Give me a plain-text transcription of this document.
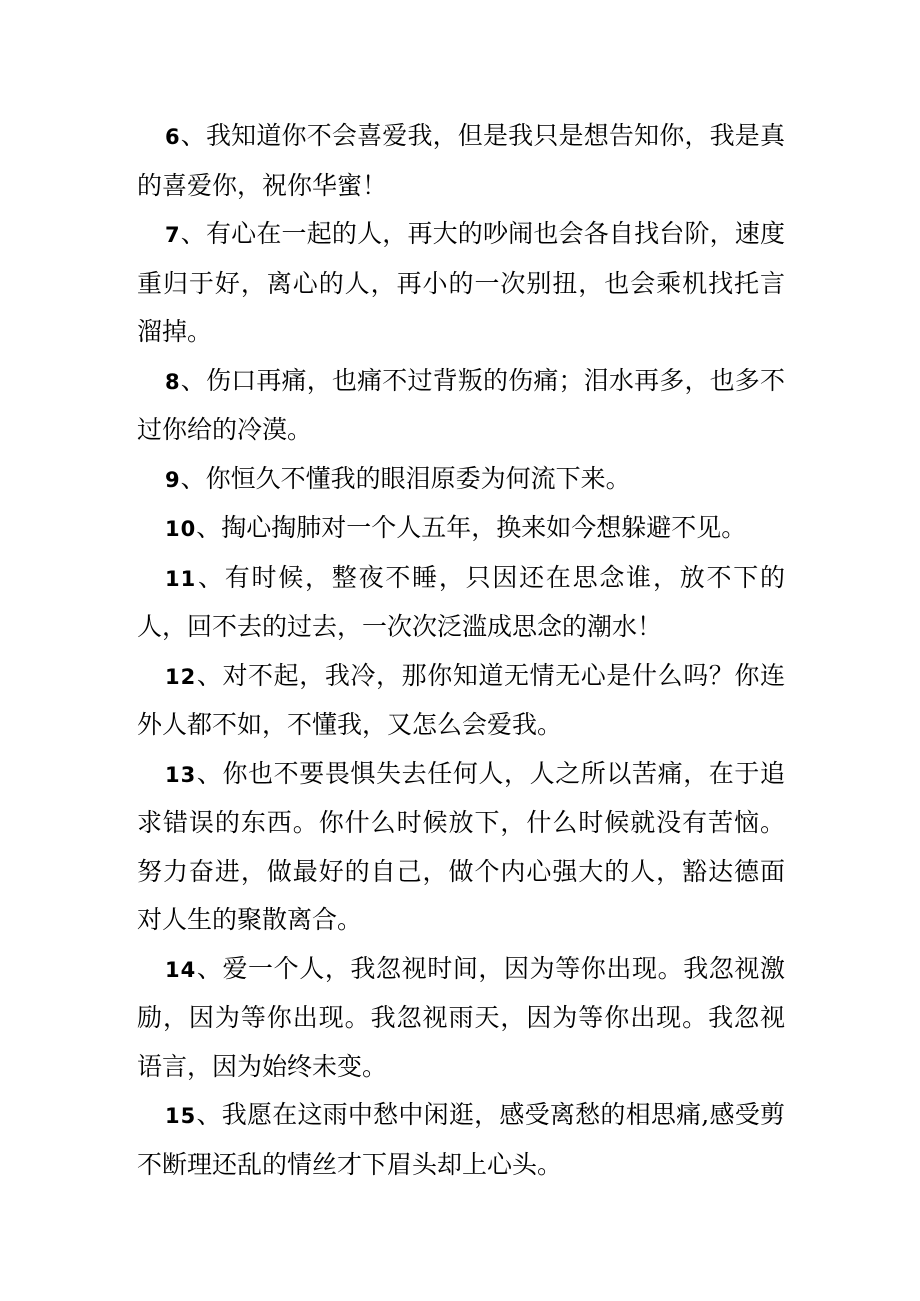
6、我知道你不会喜爱我，但是我只是想告知你，我是真的喜爱你，祝你华蜜！

7、有心在一起的人，再大的吵闹也会各自找台阶，速度重归于好，离心的人，再小的一次别扭，也会乘机找托言溜掉。

8、伤口再痛，也痛不过背叛的伤痛；泪水再多，也多不过你给的冷漠。

9、你恒久不懂我的眼泪原委为何流下来。

10、掏心掏肺对一个人五年，换来如今想躲避不见。

11、有时候，整夜不睡，只因还在思念谁，放不下的人，回不去的过去，一次次泛滥成思念的潮水！

12、对不起，我冷，那你知道无情无心是什么吗？你连外人都不如，不懂我，又怎么会爱我。

13、你也不要畏惧失去任何人，人之所以苦痛，在于追求错误的东西。你什么时候放下，什么时候就没有苦恼。努力奋进，做最好的自己，做个内心强大的人，豁达德面对人生的聚散离合。

14、爱一个人，我忽视时间，因为等你出现。我忽视激励，因为等你出现。我忽视雨天，因为等你出现。我忽视语言，因为始终未变。

15、我愿在这雨中愁中闲逛，感受离愁的相思痛,感受剪不断理还乱的情丝才下眉头却上心头。
